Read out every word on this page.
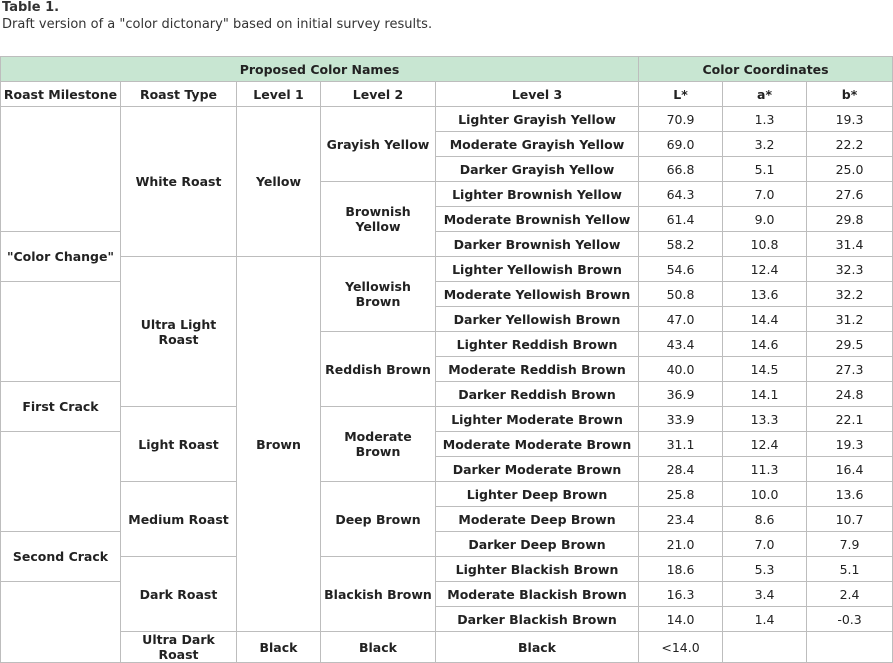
Table 1.
Draft version of a "color dictonary" based on initial survey results.
Proposed Color Names					Color Coordinates		
Roast Milestone	Roast Type	Level 1	Level 2	Level 3	L*	a*	b*
	White Roast	Yellow	Grayish Yellow	Lighter Grayish Yellow	70.9	1.3	19.3
				Moderate Grayish Yellow	69.0	3.2	22.2
				Darker Grayish Yellow	66.8	5.1	25.0
			Brownish Yellow	Lighter Brownish Yellow	64.3	7.0	27.6
				Moderate Brownish Yellow	61.4	9.0	29.8
"Color Change"				Darker Brownish Yellow	58.2	10.8	31.4
	Ultra Light Roast	Brown	Yellowish Brown	Lighter Yellowish Brown	54.6	12.4	32.3
				Moderate Yellowish Brown	50.8	13.6	32.2
				Darker Yellowish Brown	47.0	14.4	31.2
			Reddish Brown	Lighter Reddish Brown	43.4	14.6	29.5
				Moderate Reddish Brown	40.0	14.5	27.3
First Crack				Darker Reddish Brown	36.9	14.1	24.8
	Light Roast		Moderate Brown	Lighter Moderate Brown	33.9	13.3	22.1
				Moderate Moderate Brown	31.1	12.4	19.3
				Darker Moderate Brown	28.4	11.3	16.4
	Medium Roast		Deep Brown	Lighter Deep Brown	25.8	10.0	13.6
				Moderate Deep Brown	23.4	8.6	10.7
Second Crack				Darker Deep Brown	21.0	7.0	7.9
	Dark Roast		Blackish Brown	Lighter Blackish Brown	18.6	5.3	5.1
				Moderate Blackish Brown	16.3	3.4	2.4
				Darker Blackish Brown	14.0	1.4	-0.3
	Ultra Dark Roast	Black	Black	Black	<14.0		
